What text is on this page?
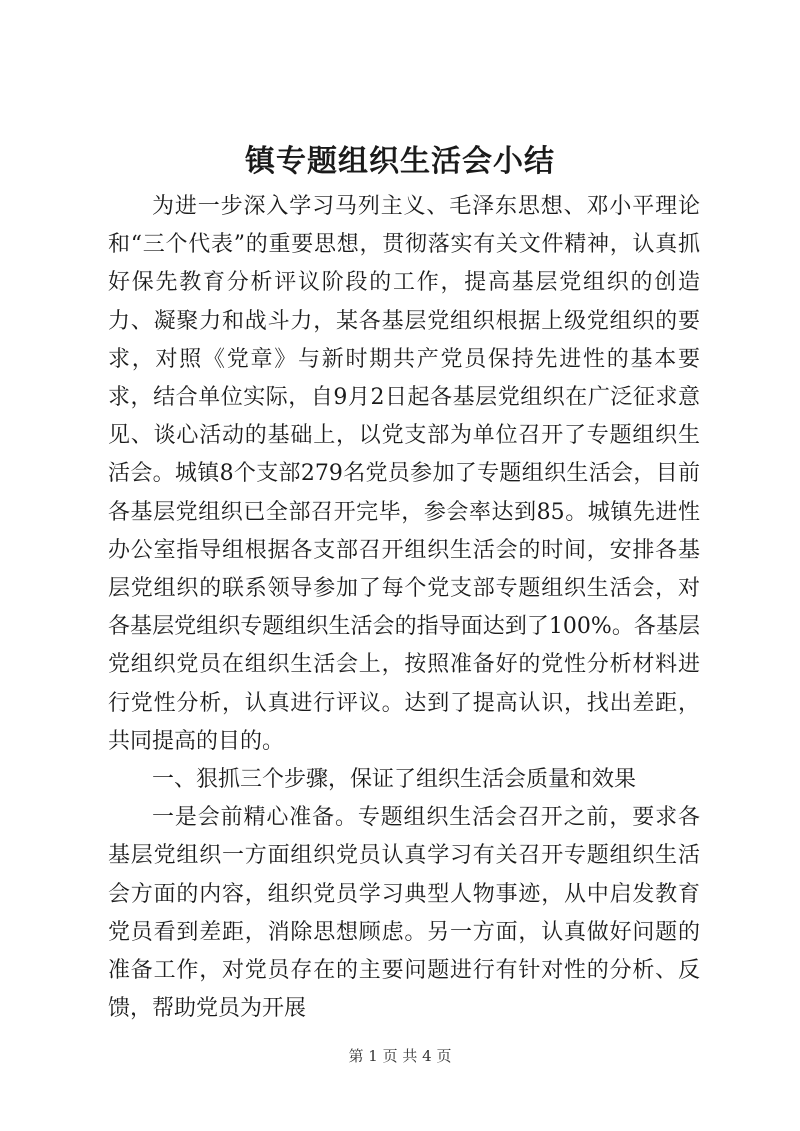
镇专题组织生活会小结

为进一步深入学习马列主义、毛泽东思想、邓小平理论和“三个代表”的重要思想，贯彻落实有关文件精神，认真抓好保先教育分析评议阶段的工作，提高基层党组织的创造力、凝聚力和战斗力，某各基层党组织根据上级党组织的要求，对照《党章》与新时期共产党员保持先进性的基本要求，结合单位实际，自9月2日起各基层党组织在广泛征求意见、谈心活动的基础上，以党支部为单位召开了专题组织生活会。城镇8个支部279名党员参加了专题组织生活会，目前各基层党组织已全部召开完毕，参会率达到85。城镇先进性办公室指导组根据各支部召开组织生活会的时间，安排各基层党组织的联系领导参加了每个党支部专题组织生活会，对各基层党组织专题组织生活会的指导面达到了100%。各基层党组织党员在组织生活会上，按照准备好的党性分析材料进行党性分析，认真进行评议。达到了提高认识，找出差距，共同提高的目的。

一、狠抓三个步骤，保证了组织生活会质量和效果

一是会前精心准备。专题组织生活会召开之前，要求各基层党组织一方面组织党员认真学习有关召开专题组织生活会方面的内容，组织党员学习典型人物事迹，从中启发教育党员看到差距，消除思想顾虑。另一方面，认真做好问题的准备工作，对党员存在的主要问题进行有针对性的分析、反馈，帮助党员为开展

第 1 页 共 4 页
